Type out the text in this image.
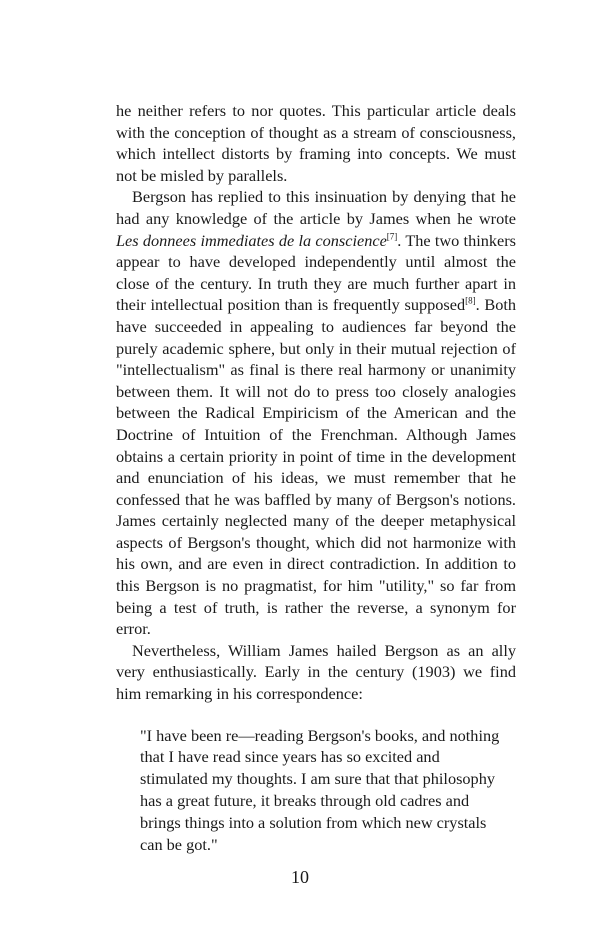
he neither refers to nor quotes. This particular article deals with the conception of thought as a stream of consciousness, which intellect distorts by framing into concepts. We must not be misled by parallels.

Bergson has replied to this insinuation by denying that he had any knowledge of the article by James when he wrote Les donnees immediates de la conscience[7]. The two thinkers appear to have developed independently until almost the close of the century. In truth they are much further apart in their intellectual position than is frequently supposed[8]. Both have succeeded in appealing to audiences far beyond the purely academic sphere, but only in their mutual rejection of "intellectualism" as final is there real harmony or unanimity between them. It will not do to press too closely analogies between the Radical Empiricism of the American and the Doctrine of Intuition of the Frenchman. Although James obtains a certain priority in point of time in the development and enunciation of his ideas, we must remember that he confessed that he was baffled by many of Bergson's notions. James certainly neglected many of the deeper metaphysical aspects of Bergson's thought, which did not harmonize with his own, and are even in direct contradiction. In addition to this Bergson is no pragmatist, for him "utility," so far from being a test of truth, is rather the reverse, a synonym for error.

Nevertheless, William James hailed Bergson as an ally very enthusiastically. Early in the century (1903) we find him remarking in his correspondence:

"I have been re—reading Bergson's books, and nothing that I have read since years has so excited and stimulated my thoughts. I am sure that that philosophy has a great future, it breaks through old cadres and brings things into a solution from which new crystals can be got."

10
